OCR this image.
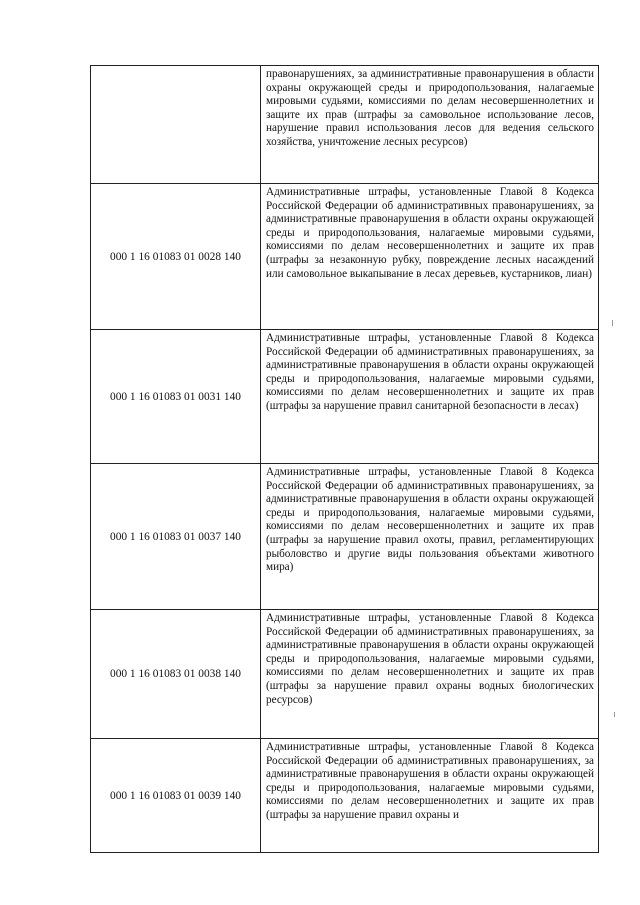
	правонарушениях, за административные правонарушения в области охраны окружающей среды и природопользования, налагаемые мировыми судьями, комиссиями по делам несовершеннолетних и защите их прав (штрафы за самовольное использование лесов, нарушение правил использования лесов для ведения сельского хозяйства, уничтожение лесных ресурсов)
000 1 16 01083 01 0028 140	Административные штрафы, установленные Главой 8 Кодекса Российской Федерации об административных правонарушениях, за административные правонарушения в области охраны окружающей среды и природопользования, налагаемые мировыми судьями, комиссиями по делам несовершеннолетних и защите их прав (штрафы за незаконную рубку, повреждение лесных насаждений или самовольное выкапывание в лесах деревьев, кустарников, лиан)
000 1 16 01083 01 0031 140	Административные штрафы, установленные Главой 8 Кодекса Российской Федерации об административных правонарушениях, за административные правонарушения в области охраны окружающей среды и природопользования, налагаемые мировыми судьями, комиссиями по делам несовершеннолетних и защите их прав (штрафы за нарушение правил санитарной безопасности в лесах)
000 1 16 01083 01 0037 140	Административные штрафы, установленные Главой 8 Кодекса Российской Федерации об административных правонарушениях, за административные правонарушения в области охраны окружающей среды и природопользования, налагаемые мировыми судьями, комиссиями по делам несовершеннолетних и защите их прав (штрафы за нарушение правил охоты, правил, регламентирующих рыболовство и другие виды пользования объектами животного мира)
000 1 16 01083 01 0038 140	Административные штрафы, установленные Главой 8 Кодекса Российской Федерации об административных правонарушениях, за административные правонарушения в области охраны окружающей среды и природопользования, налагаемые мировыми судьями, комиссиями по делам несовершеннолетних и защите их прав (штрафы за нарушение правил охраны водных биологических ресурсов)
000 1 16 01083 01 0039 140	Административные штрафы, установленные Главой 8 Кодекса Российской Федерации об административных правонарушениях, за административные правонарушения в области охраны окружающей среды и природопользования, налагаемые мировыми судьями, комиссиями по делам несовершеннолетних и защите их прав (штрафы за нарушение правил охраны и
